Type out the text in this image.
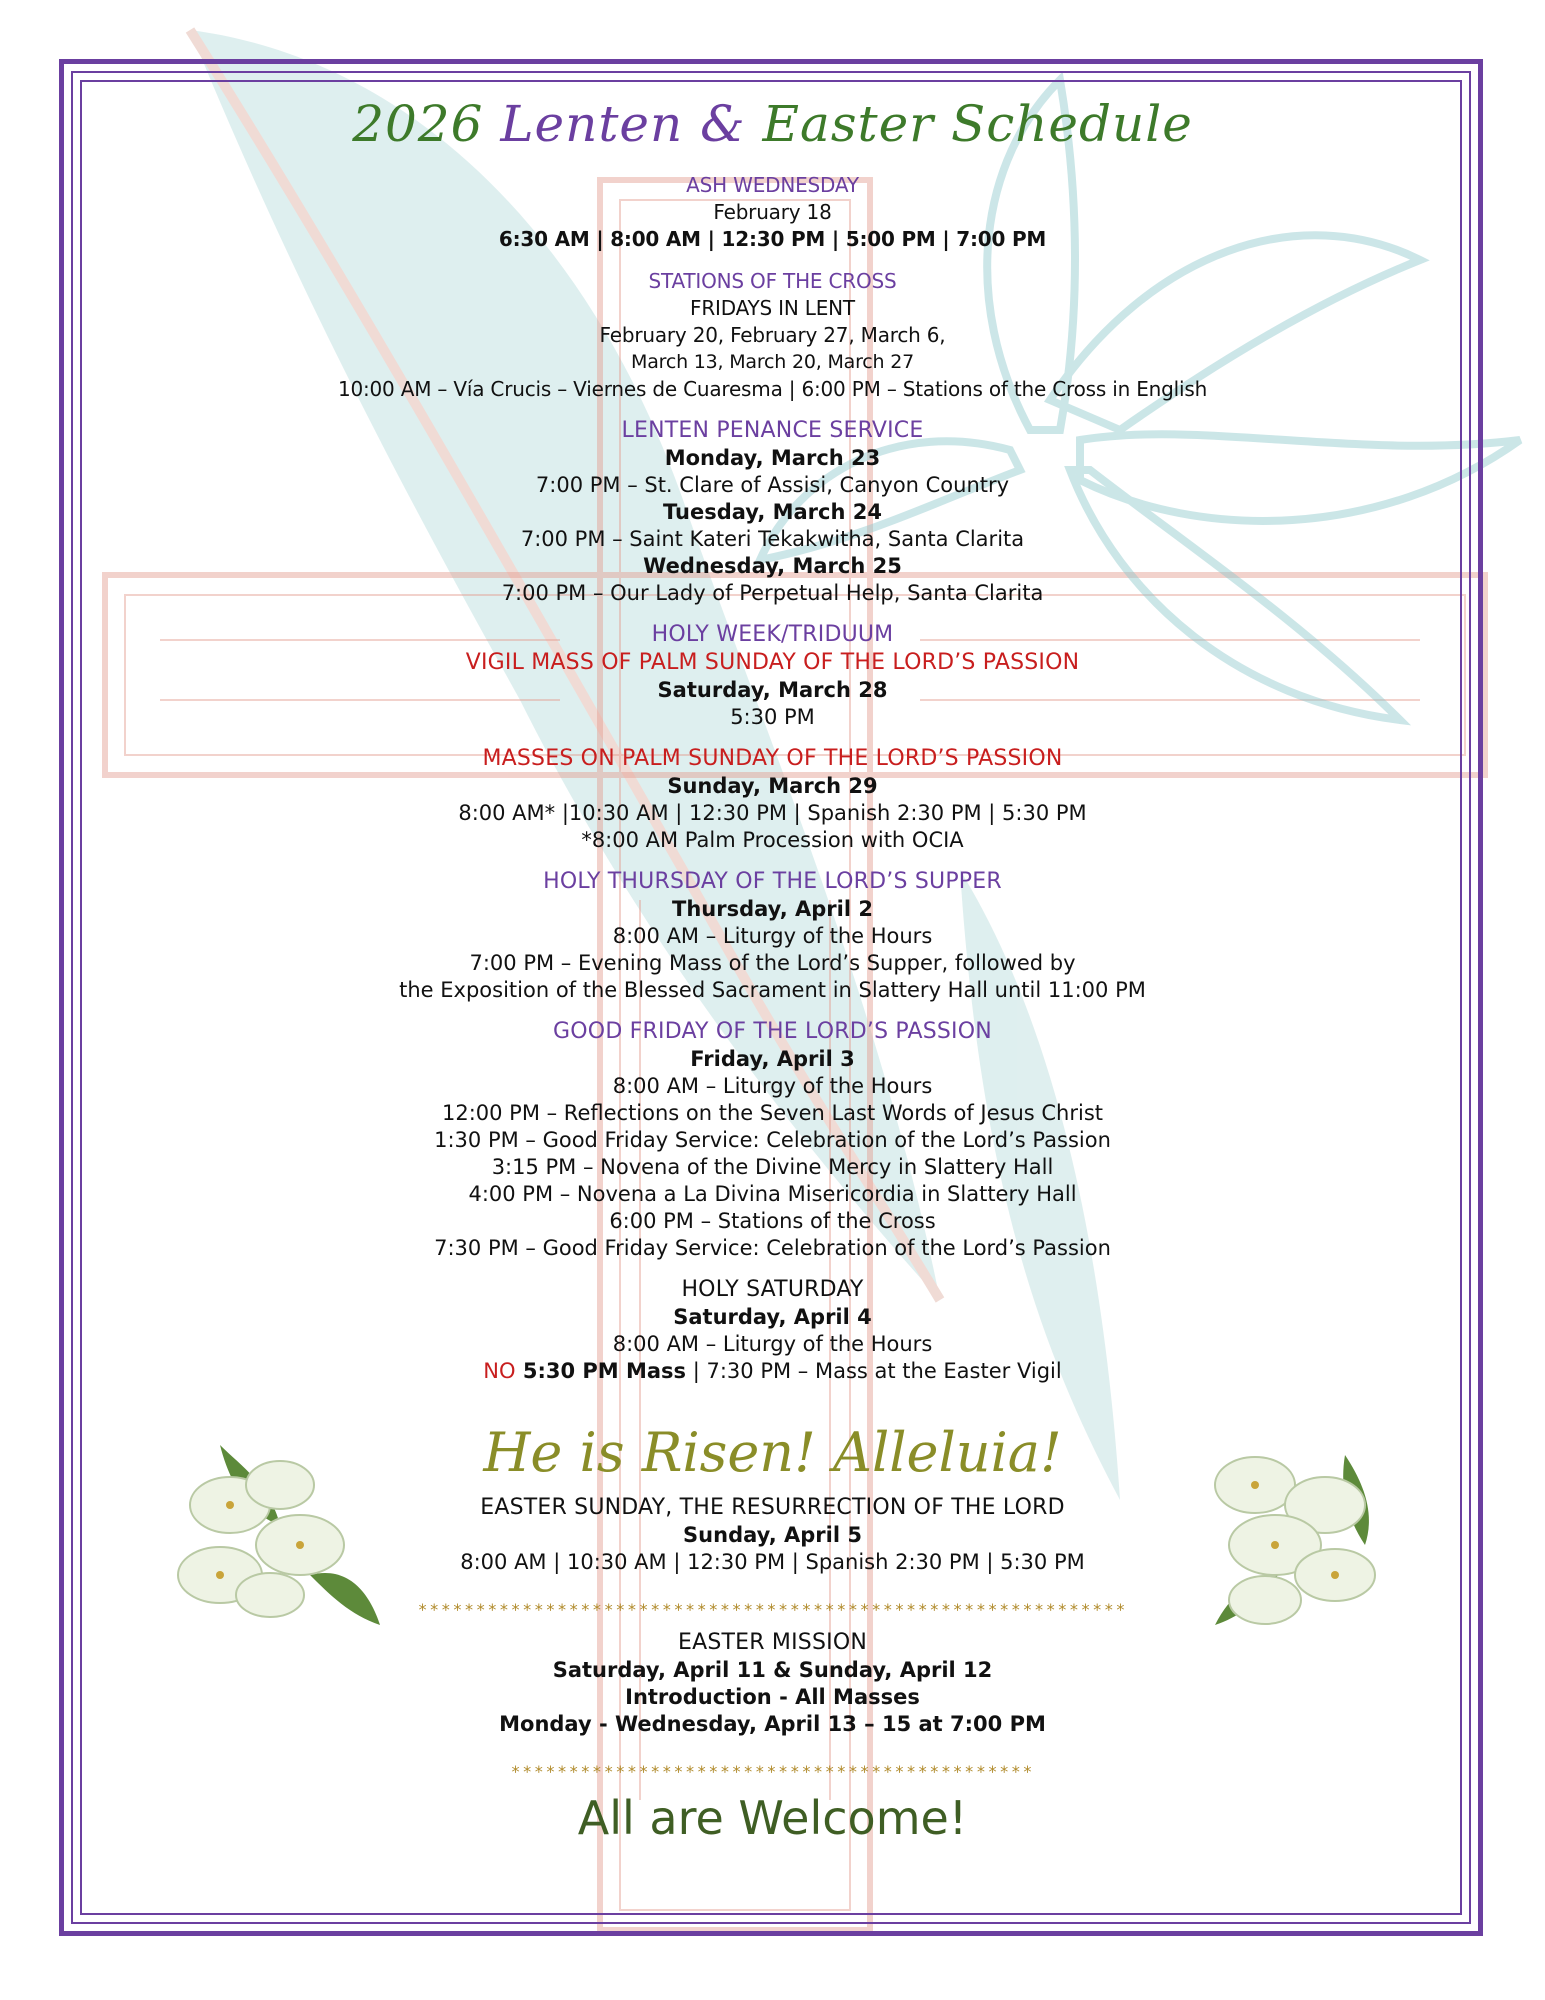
2026 Lenten & Easter Schedule
ASH WEDNESDAY
February 18
6:30 AM | 8:00 AM | 12:30 PM | 5:00 PM | 7:00 PM
STATIONS OF THE CROSS
FRIDAYS IN LENT
February 20, February 27, March 6,
March 13, March 20, March 27
10:00 AM – Vía Crucis – Viernes de Cuaresma | 6:00 PM – Stations of the Cross in English
LENTEN PENANCE SERVICE
Monday, March 23
7:00 PM – St. Clare of Assisi, Canyon Country
Tuesday, March 24
7:00 PM – Saint Kateri Tekakwitha, Santa Clarita
Wednesday, March 25
7:00 PM – Our Lady of Perpetual Help, Santa Clarita
HOLY WEEK/TRIDUUM
VIGIL MASS OF PALM SUNDAY OF THE LORD’S PASSION
Saturday, March 28
5:30 PM
MASSES ON PALM SUNDAY OF THE LORD’S PASSION
Sunday, March 29
8:00 AM* |10:30 AM | 12:30 PM | Spanish 2:30 PM | 5:30 PM
*8:00 AM Palm Procession with OCIA
HOLY THURSDAY OF THE LORD’S SUPPER
Thursday, April 2
8:00 AM – Liturgy of the Hours
7:00 PM – Evening Mass of the Lord’s Supper, followed by
the Exposition of the Blessed Sacrament in Slattery Hall until 11:00 PM
GOOD FRIDAY OF THE LORD’S PASSION
Friday, April 3
8:00 AM – Liturgy of the Hours
12:00 PM – Reflections on the Seven Last Words of Jesus Christ
1:30 PM – Good Friday Service: Celebration of the Lord’s Passion
3:15 PM – Novena of the Divine Mercy in Slattery Hall
4:00 PM – Novena a La Divina Misericordia in Slattery Hall
6:00 PM – Stations of the Cross
7:30 PM – Good Friday Service: Celebration of the Lord’s Passion
HOLY SATURDAY
Saturday, April 4
8:00 AM – Liturgy of the Hours
NO 5:30 PM Mass | 7:30 PM – Mass at the Easter Vigil
He is Risen! Alleluia!
EASTER SUNDAY, THE RESURRECTION OF THE LORD
Sunday, April 5
8:00 AM | 10:30 AM | 12:30 PM | Spanish 2:30 PM | 5:30 PM
*************************************************************
EASTER MISSION
Saturday, April 11 & Sunday, April 12
Introduction - All Masses
Monday - Wednesday, April 13 – 15 at 7:00 PM
*********************************************
All are Welcome!
